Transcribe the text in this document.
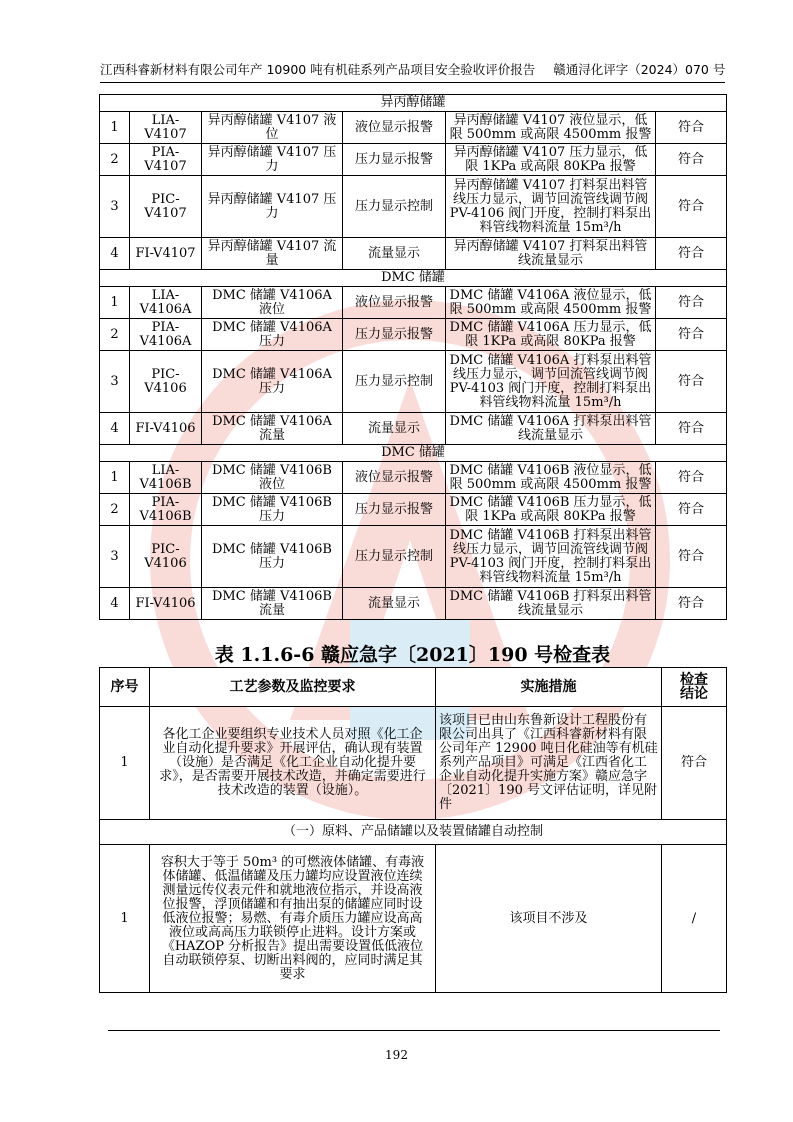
江西科睿新材料有限公司年产 10900 吨有机硅系列产品项目安全验收评价报告 赣通浔化评字（2024）070 号
异丙醇储罐					
1	LIA-V4107	异丙醇储罐 V4107 液位	液位显示报警	异丙醇储罐 V4107 液位显示，低限 500mm 或高限 4500mm 报警	符合
2	PIA-V4107	异丙醇储罐 V4107 压力	压力显示报警	异丙醇储罐 V4107 压力显示，低限 1KPa 或高限 80KPa 报警	符合
3	PIC-V4107	异丙醇储罐 V4107 压力	压力显示控制	异丙醇储罐 V4107 打料泵出料管线压力显示，调节回流管线调节阀 PV-4106 阀门开度，控制打料泵出料管线物料流量 15m³/h	符合
4	FI-V4107	异丙醇储罐 V4107 流量	流量显示	异丙醇储罐 V4107 打料泵出料管线流量显示	符合
DMC 储罐					
1	LIA-V4106A	DMC 储罐 V4106A 液位	液位显示报警	DMC 储罐 V4106A 液位显示，低限 500mm 或高限 4500mm 报警	符合
2	PIA-V4106A	DMC 储罐 V4106A 压力	压力显示报警	DMC 储罐 V4106A 压力显示，低限 1KPa 或高限 80KPa 报警	符合
3	PIC-V4106	DMC 储罐 V4106A 压力	压力显示控制	DMC 储罐 V4106A 打料泵出料管线压力显示，调节回流管线调节阀 PV-4103 阀门开度，控制打料泵出料管线物料流量 15m³/h	符合
4	FI-V4106	DMC 储罐 V4106A 流量	流量显示	DMC 储罐 V4106A 打料泵出料管线流量显示	符合
DMC 储罐					
1	LIA-V4106B	DMC 储罐 V4106B 液位	液位显示报警	DMC 储罐 V4106B 液位显示，低限 500mm 或高限 4500mm 报警	符合
2	PIA-V4106B	DMC 储罐 V4106B 压力	压力显示报警	DMC 储罐 V4106B 压力显示，低限 1KPa 或高限 80KPa 报警	符合
3	PIC-V4106	DMC 储罐 V4106B 压力	压力显示控制	DMC 储罐 V4106B 打料泵出料管线压力显示，调节回流管线调节阀 PV-4103 阀门开度，控制打料泵出料管线物料流量 15m³/h	符合
4	FI-V4106	DMC 储罐 V4106B 流量	流量显示	DMC 储罐 V4106B 打料泵出料管线流量显示	符合
表 1.1.6-6 赣应急字〔2021〕190 号检查表
序号	工艺参数及监控要求	实施措施	检查结论
1	各化工企业要组织专业技术人员对照《化工企业自动化提升要求》开展评估，确认现有装置（设施）是否满足《化工企业自动化提升要求》，是否需要开展技术改造，并确定需要进行技术改造的装置（设施）。	该项目已由山东鲁新设计工程股份有限公司出具了《江西科睿新材料有限公司年产 12900 吨日化硅油等有机硅系列产品项目》可满足《江西省化工企业自动化提升实施方案》赣应急字〔2021〕190 号文评估证明，详见附件	符合
（一）原料、产品储罐以及装置储罐自动控制			
1	容积大于等于 50m³ 的可燃液体储罐、有毒液体储罐、低温储罐及压力罐均应设置液位连续测量远传仪表元件和就地液位指示，并设高液位报警，浮顶储罐和有抽出泵的储罐应同时设低液位报警；易燃、有毒介质压力罐应设高高液位或高高压力联锁停止进料。设计方案或《HAZOP 分析报告》提出需要设置低低液位自动联锁停泵、切断出料阀的，应同时满足其要求	该项目不涉及	/
192
